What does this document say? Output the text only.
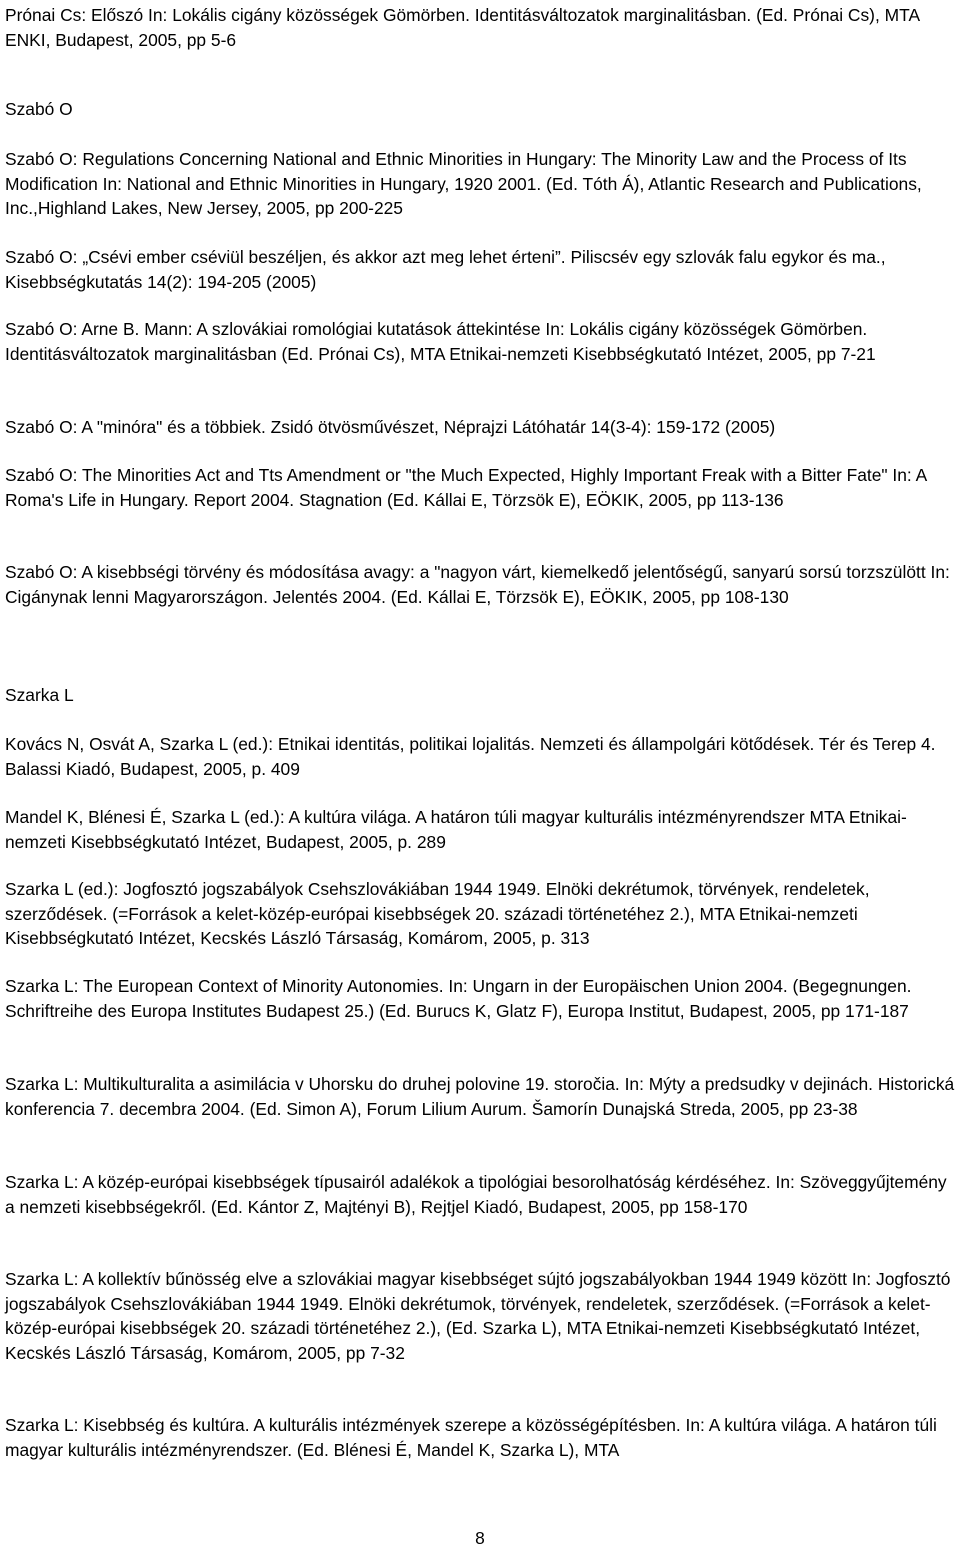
Prónai Cs: Előszó In: Lokális cigány közösségek Gömörben. Identitásváltozatok marginalitásban. (Ed. Prónai Cs), MTA ENKI, Budapest, 2005, pp 5-6

Szabó O

Szabó O: Regulations Concerning National and Ethnic Minorities in Hungary: The Minority Law and the Process of Its Modification In: National and Ethnic Minorities in Hungary, 1920 2001. (Ed. Tóth Á), Atlantic Research and Publications, Inc.,Highland Lakes, New Jersey, 2005, pp 200-225

Szabó O: „Csévi ember cséviül beszéljen, és akkor azt meg lehet érteni”. Piliscsév egy szlovák falu egykor és ma., Kisebbségkutatás 14(2): 194-205 (2005)

Szabó O: Arne B. Mann: A szlovákiai romológiai kutatások áttekintése In: Lokális cigány közösségek Gömörben. Identitásváltozatok marginalitásban (Ed. Prónai Cs), MTA Etnikai-nemzeti Kisebbségkutató Intézet, 2005, pp 7-21

Szabó O: A "minóra" és a többiek. Zsidó ötvösművészet, Néprajzi Látóhatár 14(3-4): 159-172 (2005)

Szabó O: The Minorities Act and Tts Amendment or "the Much Expected, Highly Important Freak with a Bitter Fate" In: A Roma's Life in Hungary. Report 2004. Stagnation (Ed. Kállai E, Törzsök E), EÖKIK, 2005, pp 113-136

Szabó O: A kisebbségi törvény és módosítása avagy: a "nagyon várt, kiemelkedő jelentőségű, sanyarú sorsú torzszülött In: Cigánynak lenni Magyarországon. Jelentés 2004. (Ed. Kállai E, Törzsök E), EÖKIK, 2005, pp 108-130

Szarka L

Kovács N, Osvát A, Szarka L (ed.): Etnikai identitás, politikai lojalitás. Nemzeti és állampolgári kötődések. Tér és Terep 4. Balassi Kiadó, Budapest, 2005, p. 409

Mandel K, Blénesi É, Szarka L (ed.): A kultúra világa. A határon túli magyar kulturális intézményrendszer MTA Etnikai-nemzeti Kisebbségkutató Intézet, Budapest, 2005, p. 289

Szarka L (ed.): Jogfosztó jogszabályok Csehszlovákiában 1944 1949. Elnöki dekrétumok, törvények, rendeletek, szerződések. (=Források a kelet-közép-európai kisebbségek 20. századi történetéhez 2.), MTA Etnikai-nemzeti Kisebbségkutató Intézet, Kecskés László Társaság, Komárom, 2005, p. 313

Szarka L: The European Context of Minority Autonomies. In: Ungarn in der Europäischen Union 2004. (Begegnungen. Schriftreihe des Europa Institutes Budapest 25.) (Ed. Burucs K, Glatz F), Europa Institut, Budapest, 2005, pp 171-187

Szarka L: Multikulturalita a asimilácia v Uhorsku do druhej polovine 19. storočia. In: Mýty a predsudky v dejinách. Historická konferencia 7. decembra 2004. (Ed. Simon A), Forum Lilium Aurum. Šamorín Dunajská Streda, 2005, pp 23-38

Szarka L: A közép-európai kisebbségek típusairól adalékok a tipológiai besorolhatóság kérdéséhez. In: Szöveggyűjtemény a nemzeti kisebbségekről. (Ed. Kántor Z, Majtényi B), Rejtjel Kiadó, Budapest, 2005, pp 158-170

Szarka L: A kollektív bűnösség elve a szlovákiai magyar kisebbséget sújtó jogszabályokban 1944 1949 között In: Jogfosztó jogszabályok Csehszlovákiában 1944 1949. Elnöki dekrétumok, törvények, rendeletek, szerződések. (=Források a kelet-közép-európai kisebbségek 20. századi történetéhez 2.), (Ed. Szarka L), MTA Etnikai-nemzeti Kisebbségkutató Intézet, Kecskés László Társaság, Komárom, 2005, pp 7-32

Szarka L: Kisebbség és kultúra. A kulturális intézmények szerepe a közösségépítésben. In: A kultúra világa. A határon túli magyar kulturális intézményrendszer. (Ed. Blénesi É, Mandel K, Szarka L), MTA

8
